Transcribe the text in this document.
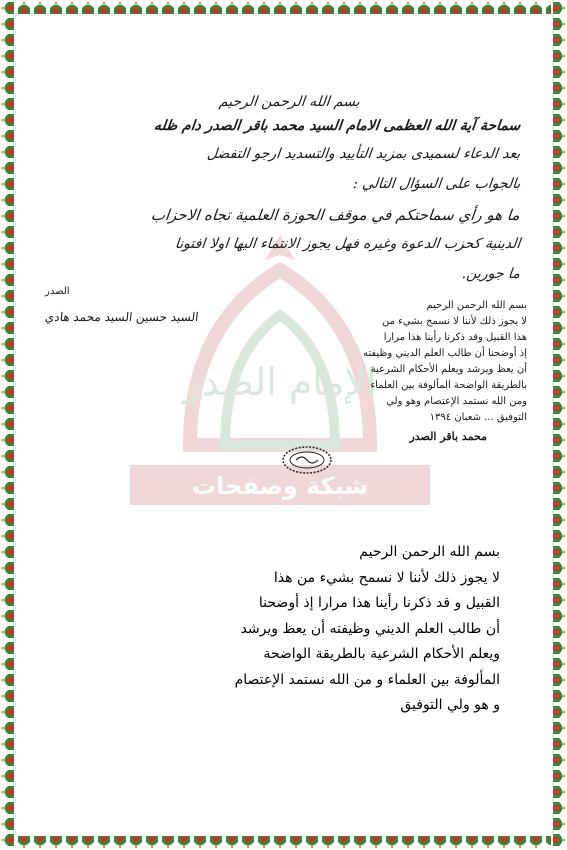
الإمام الصدر
شبكة وصفحات
بسم الله الرحمن الرحيم
سماحة آية الله العظمى الامام السيد محمد باقر الصدر دام ظله
بعد الدعاء لسميدى بمزيد التأييد والتسديد ارجو التفضل
بالجواب على السؤال التالي :
ما هو رأي سماحتكم في موقف الحوزة العلمية تجاه الاحزاب
الدينية كحزب الدعوة وغيره فهل يجوز الانتماء اليها اولا افتونا
ما جورين.
الصدر
السيد حسين السيد محمد هادي
بسم الله الرحمن الرحيم
لا يجوز ذلك لأننا لا نسمح بشيء من
هذا القبيل وقد ذكرنا رأينا هذا مرارا
إذ أوضحنا أن طالب العلم الديني وظيفته
أن يعظ ويرشد ويعلم الأحكام الشرعية
بالطريقة الواضحة المألوفة بين العلماء
ومن الله نستمد الإعتصام وهو ولي
التوفيق ... شعبان ١٣٩٤
محمد باقر الصدر

بسم الله الرحمن الرحيم

لا يجوز ذلك لأننا لا نسمح بشيء من هذا

القبيل و قد ذكرنا رأينا هذا مرارا إذ أوضحنا

أن طالب العلم الديني وظيفته أن يعظ ويرشد

ويعلم الأحكام الشرعية بالطريقة الواضحة

المألوفة بين العلماء و من الله نستمد الإعتصام

و هو ولي التوفيق
